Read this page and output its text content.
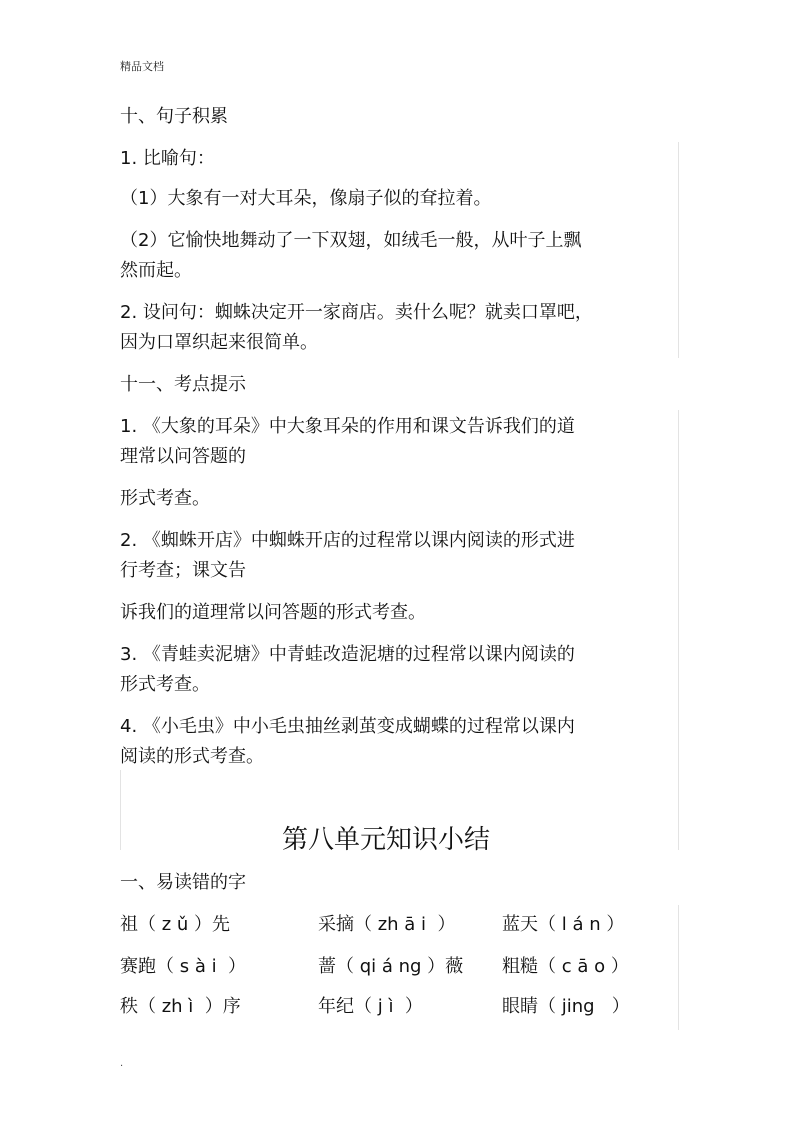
精品文档
十、句子积累
1. 比喻句：
（1）大象有一对大耳朵，像扇子似的耷拉着。
（2）它愉快地舞动了一下双翅，如绒毛一般，从叶子上飘
然而起。
2. 设问句：蜘蛛决定开一家商店。卖什么呢？就卖口罩吧，
因为口罩织起来很简单。
十一、考点提示
1. 《大象的耳朵》中大象耳朵的作用和课文告诉我们的道
理常以问答题的
形式考查。
2. 《蜘蛛开店》中蜘蛛开店的过程常以课内阅读的形式进
行考查；课文告
诉我们的道理常以问答题的形式考查。
3. 《青蛙卖泥塘》中青蛙改造泥塘的过程常以课内阅读的
形式考查。
4. 《小毛虫》中小毛虫抽丝剥茧变成蝴蝶的过程常以课内
阅读的形式考查。
第八单元知识小结
一、易读错的字
祖（ z ǔ ）先	采摘（ zh ā i  ）	蓝天（ l á n ）
赛跑（ s à i  ）	蔷（ qi á ng ）薇 粗糙（ c ā o ）
秩（ zh ì  ）序	年纪（ j ì  ）	眼睛（ jing   ）
.
